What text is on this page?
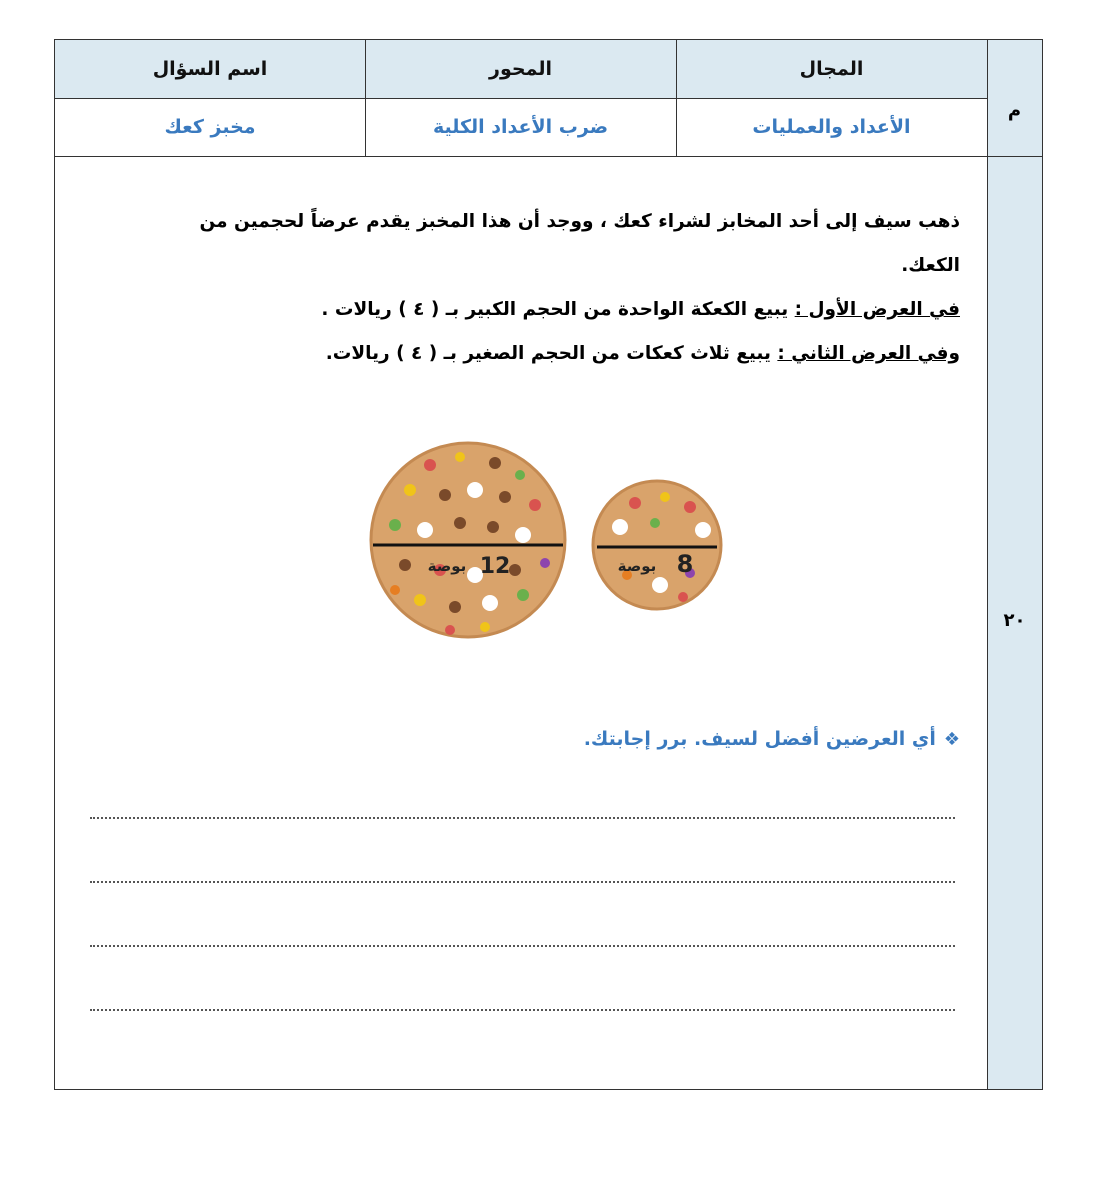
المجال
المحور
اسم السؤال
الأعداد والعمليات
ضرب الأعداد الكلية
مخبز كعك
م
٢٠

ذهب سيف إلى أحد المخابز لشراء كعك ، ووجد أن هذا المخبز يقدم عرضاً لحجمين من

الكعك.

في العرض الأول : يبيع الكعكة الواحدة من الحجم الكبير بـ ( ٤ ) ريالات .

وفي العرض الثاني : يبيع ثلاث كعكات من الحجم الصغير بـ ( ٤ ) ريالات.

12
بوصة	8
بوصة
❖أي العرضين أفضل لسيف. برر إجابتك.
